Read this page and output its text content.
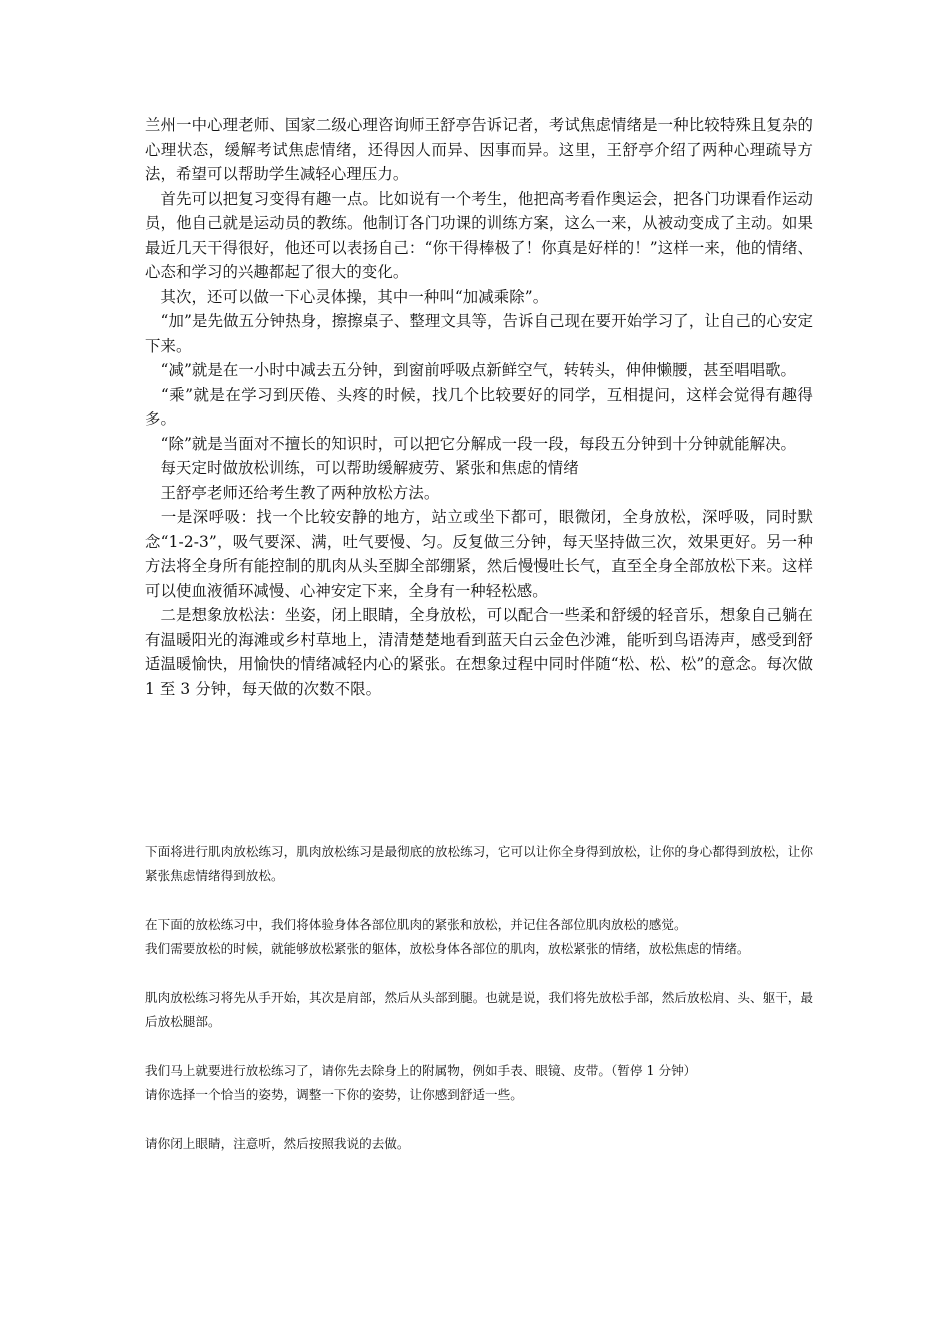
兰州一中心理老师、国家二级心理咨询师王舒亭告诉记者，考试焦虑情绪是一种比较特殊且复杂的心理状态，缓解考试焦虑情绪，还得因人而异、因事而异。这里，王舒亭介绍了两种心理疏导方法，希望可以帮助学生减轻心理压力。

　首先可以把复习变得有趣一点。比如说有一个考生，他把高考看作奥运会，把各门功课看作运动员，他自己就是运动员的教练。他制订各门功课的训练方案，这么一来，从被动变成了主动。如果最近几天干得很好，他还可以表扬自己：“你干得棒极了！你真是好样的！”这样一来，他的情绪、心态和学习的兴趣都起了很大的变化。

　其次，还可以做一下心灵体操，其中一种叫“加减乘除”。

　“加”是先做五分钟热身，擦擦桌子、整理文具等，告诉自己现在要开始学习了，让自己的心安定下来。

　“减”就是在一小时中减去五分钟，到窗前呼吸点新鲜空气，转转头，伸伸懒腰，甚至唱唱歌。

　“乘”就是在学习到厌倦、头疼的时候，找几个比较要好的同学，互相提问，这样会觉得有趣得多。

　“除”就是当面对不擅长的知识时，可以把它分解成一段一段，每段五分钟到十分钟就能解决。

　每天定时做放松训练，可以帮助缓解疲劳、紧张和焦虑的情绪

　王舒亭老师还给考生教了两种放松方法。

　一是深呼吸：找一个比较安静的地方，站立或坐下都可，眼微闭，全身放松，深呼吸，同时默念“1-2-3”，吸气要深、满，吐气要慢、匀。反复做三分钟，每天坚持做三次，效果更好。另一种方法将全身所有能控制的肌肉从头至脚全部绷紧，然后慢慢吐长气，直至全身全部放松下来。这样可以使血液循环减慢、心神安定下来，全身有一种轻松感。

　二是想象放松法：坐姿，闭上眼睛，全身放松，可以配合一些柔和舒缓的轻音乐，想象自己躺在有温暖阳光的海滩或乡村草地上，清清楚楚地看到蓝天白云金色沙滩，能听到鸟语涛声，感受到舒适温暖愉快，用愉快的情绪减轻内心的紧张。在想象过程中同时伴随“松、松、松”的意念。每次做 1 至 3 分钟，每天做的次数不限。

下面将进行肌肉放松练习，肌肉放松练习是最彻底的放松练习，它可以让你全身得到放松，让你的身心都得到放松，让你紧张焦虑情绪得到放松。

在下面的放松练习中，我们将体验身体各部位肌肉的紧张和放松，并记住各部位肌肉放松的感觉。

我们需要放松的时候，就能够放松紧张的躯体，放松身体各部位的肌肉，放松紧张的情绪，放松焦虑的情绪。

肌肉放松练习将先从手开始，其次是肩部，然后从头部到腿。也就是说，我们将先放松手部，然后放松肩、头、躯干，最后放松腿部。

我们马上就要进行放松练习了，请你先去除身上的附属物，例如手表、眼镜、皮带。（暂停 1 分钟）

请你选择一个恰当的姿势，调整一下你的姿势，让你感到舒适一些。

请你闭上眼睛，注意听，然后按照我说的去做。
